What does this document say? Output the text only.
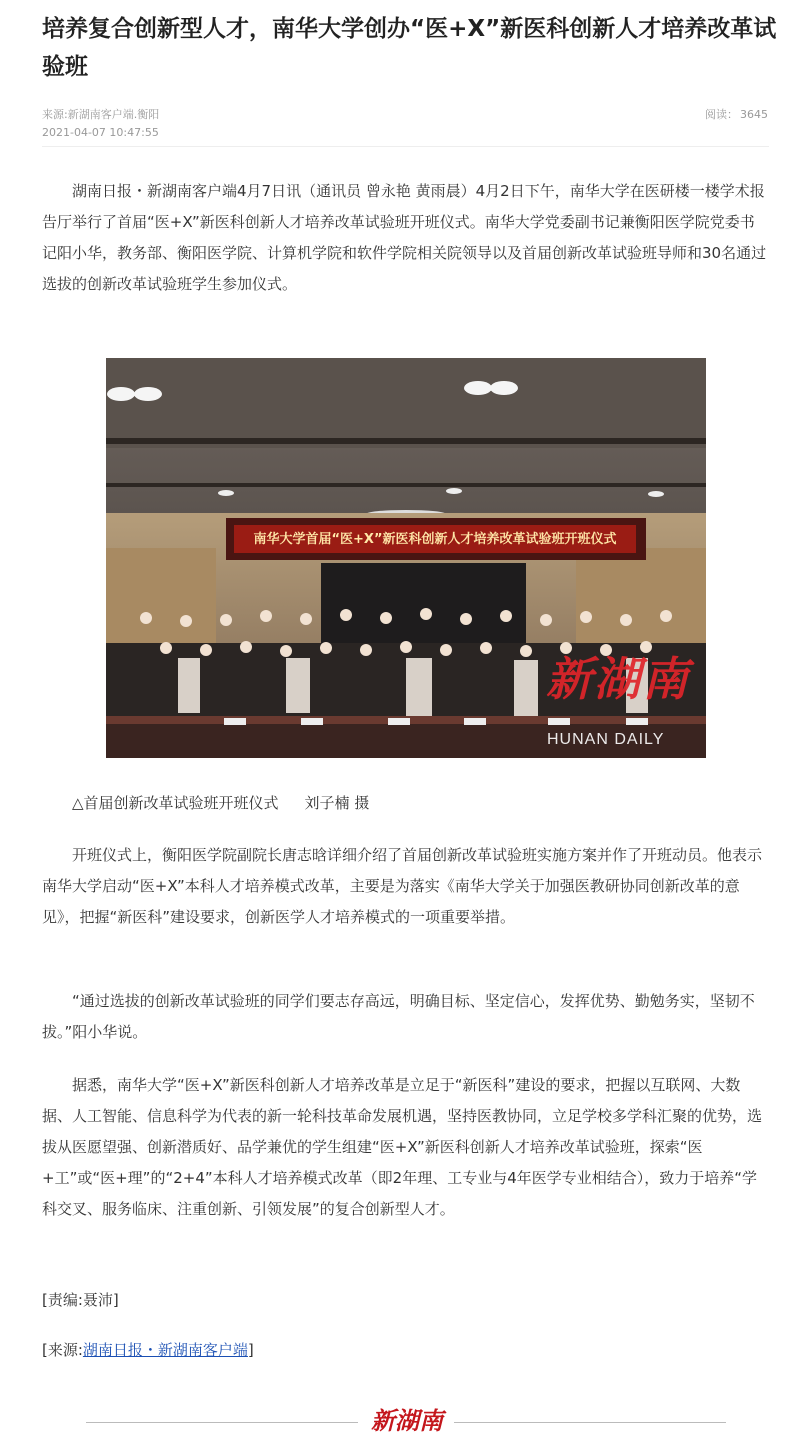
培养复合创新型人才，南华大学创办“医+X”新医科创新人才培养改革试验班
来源:新湖南客户端.衡阳
2021-04-07 10:47:55
阅读： 3645

湖南日报・新湖南客户端4月7日讯（通讯员 曾永艳 黄雨晨）4月2日下午，南华大学在医研楼一楼学术报告厅举行了首届“医+X”新医科创新人才培养改革试验班开班仪式。南华大学党委副书记兼衡阳医学院党委书记阳小华，教务部、衡阳医学院、计算机学院和软件学院相关院领导以及首届创新改革试验班导师和30名通过选拔的创新改革试验班学生参加仪式。

南华大学首届“医+X”新医科创新人才培养改革试验班开班仪式
新湖南
HUNAN DAILY

△首届创新改革试验班开班仪式 刘子楠 摄

开班仪式上，衡阳医学院副院长唐志晗详细介绍了首届创新改革试验班实施方案并作了开班动员。他表示南华大学启动“医+X”本科人才培养模式改革，主要是为落实《南华大学关于加强医教研协同创新改革的意见》，把握“新医科”建设要求，创新医学人才培养模式的一项重要举措。

“通过选拔的创新改革试验班的同学们要志存高远，明确目标、坚定信心，发挥优势、勤勉务实，坚韧不拔。”阳小华说。

据悉，南华大学“医+X”新医科创新人才培养改革是立足于“新医科”建设的要求，把握以互联网、大数据、人工智能、信息科学为代表的新一轮科技革命发展机遇，坚持医教协同，立足学校多学科汇聚的优势，选拔从医愿望强、创新潜质好、品学兼优的学生组建“医+X”新医科创新人才培养改革试验班，探索“医+工”或“医+理”的“2+4”本科人才培养模式改革（即2年理、工专业与4年医学专业相结合），致力于培养“学科交叉、服务临床、注重创新、引领发展”的复合创新型人才。

[责编:聂沛]
[来源:湖南日报・新湖南客户端]
新湖南
